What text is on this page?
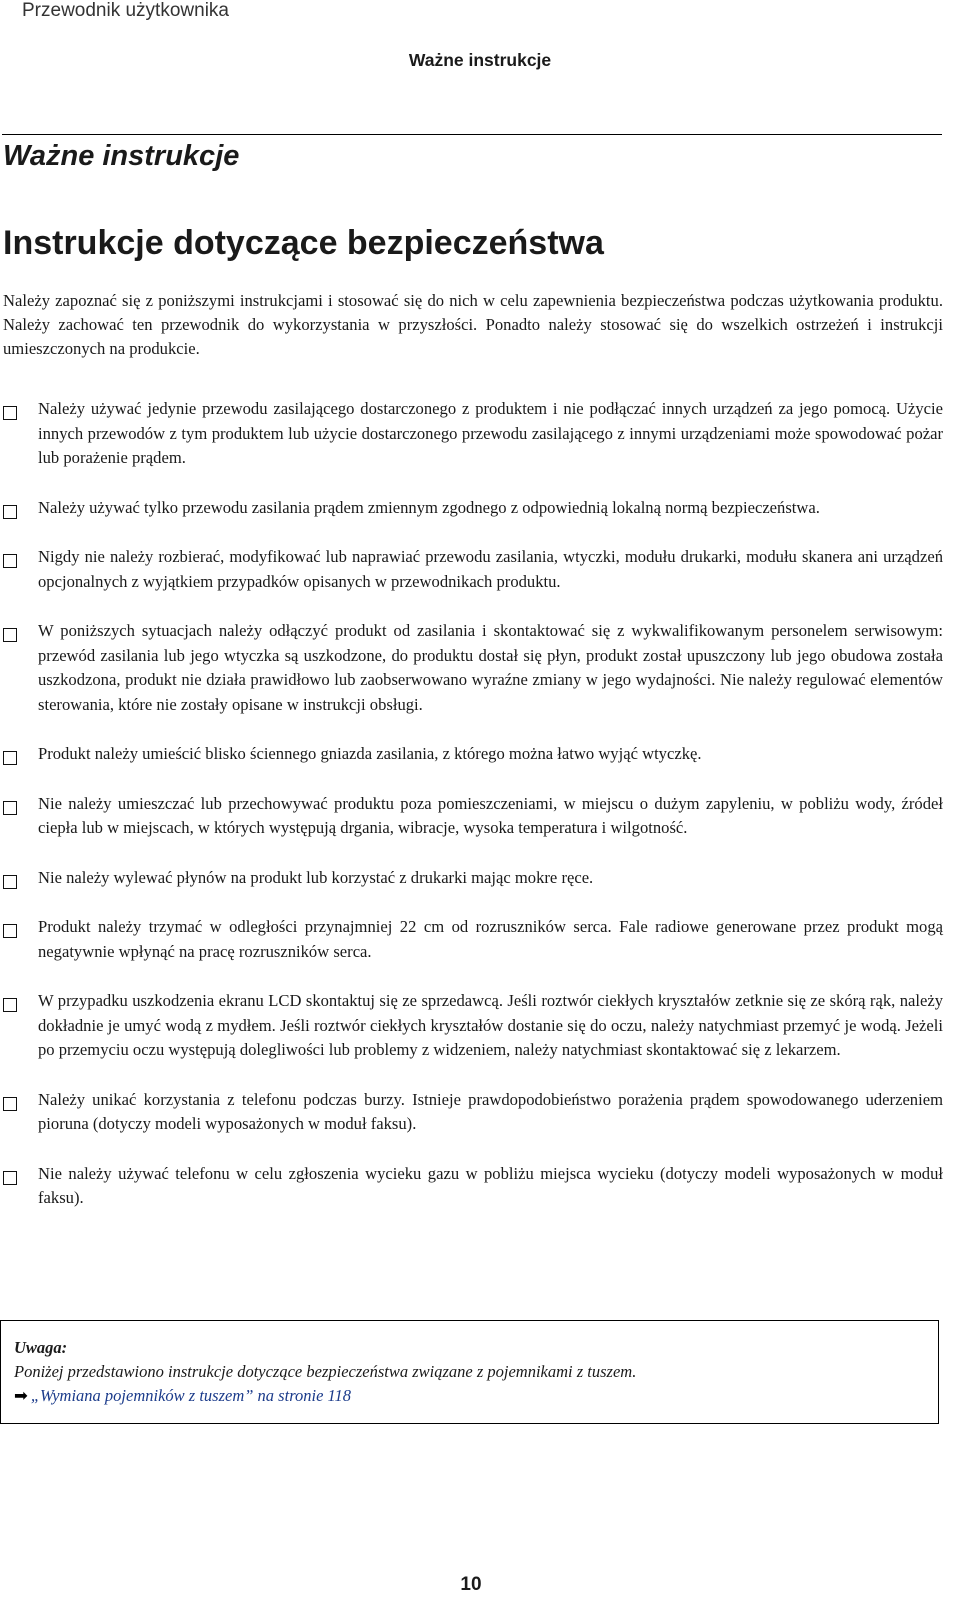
Przewodnik użytkownika
Ważne instrukcje
Ważne instrukcje
Instrukcje dotyczące bezpieczeństwa

Należy zapoznać się z poniższymi instrukcjami i stosować się do nich w celu zapewnienia bezpieczeństwa podczas użytkowania produktu. Należy zachować ten przewodnik do wykorzystania w przyszłości. Ponadto należy stosować się do wszelkich ostrzeżeń i instrukcji umieszczonych na produkcie.

Należy używać jedynie przewodu zasilającego dostarczonego z produktem i nie podłączać innych urządzeń za jego pomocą. Użycie innych przewodów z tym produktem lub użycie dostarczonego przewodu zasilającego z innymi urządzeniami może spowodować pożar lub porażenie prądem.
Należy używać tylko przewodu zasilania prądem zmiennym zgodnego z odpowiednią lokalną normą bezpieczeństwa.
Nigdy nie należy rozbierać, modyfikować lub naprawiać przewodu zasilania, wtyczki, modułu drukarki, modułu skanera ani urządzeń opcjonalnych z wyjątkiem przypadków opisanych w przewodnikach produktu.
W poniższych sytuacjach należy odłączyć produkt od zasilania i skontaktować się z wykwalifikowanym personelem serwisowym: przewód zasilania lub jego wtyczka są uszkodzone, do produktu dostał się płyn, produkt został upuszczony lub jego obudowa została uszkodzona, produkt nie działa prawidłowo lub zaobserwowano wyraźne zmiany w jego wydajności. Nie należy regulować elementów sterowania, które nie zostały opisane w instrukcji obsługi.
Produkt należy umieścić blisko ściennego gniazda zasilania, z którego można łatwo wyjąć wtyczkę.
Nie należy umieszczać lub przechowywać produktu poza pomieszczeniami, w miejscu o dużym zapyleniu, w pobliżu wody, źródeł ciepła lub w miejscach, w których występują drgania, wibracje, wysoka temperatura i wilgotność.
Nie należy wylewać płynów na produkt lub korzystać z drukarki mając mokre ręce.
Produkt należy trzymać w odległości przynajmniej 22 cm od rozruszników serca. Fale radiowe generowane przez produkt mogą negatywnie wpłynąć na pracę rozruszników serca.
W przypadku uszkodzenia ekranu LCD skontaktuj się ze sprzedawcą. Jeśli roztwór ciekłych kryształów zetknie się ze skórą rąk, należy dokładnie je umyć wodą z mydłem. Jeśli roztwór ciekłych kryształów dostanie się do oczu, należy natychmiast przemyć je wodą. Jeżeli po przemyciu oczu występują dolegliwości lub problemy z widzeniem, należy natychmiast skontaktować się z lekarzem.
Należy unikać korzystania z telefonu podczas burzy. Istnieje prawdopodobieństwo porażenia prądem spowodowanego uderzeniem pioruna (dotyczy modeli wyposażonych w moduł faksu).
Nie należy używać telefonu w celu zgłoszenia wycieku gazu w pobliżu miejsca wycieku (dotyczy modeli wyposażonych w moduł faksu).
Uwaga:
Poniżej przedstawiono instrukcje dotyczące bezpieczeństwa związane z pojemnikami z tuszem.
➡ „Wymiana pojemników z tuszem” na stronie 118
10
